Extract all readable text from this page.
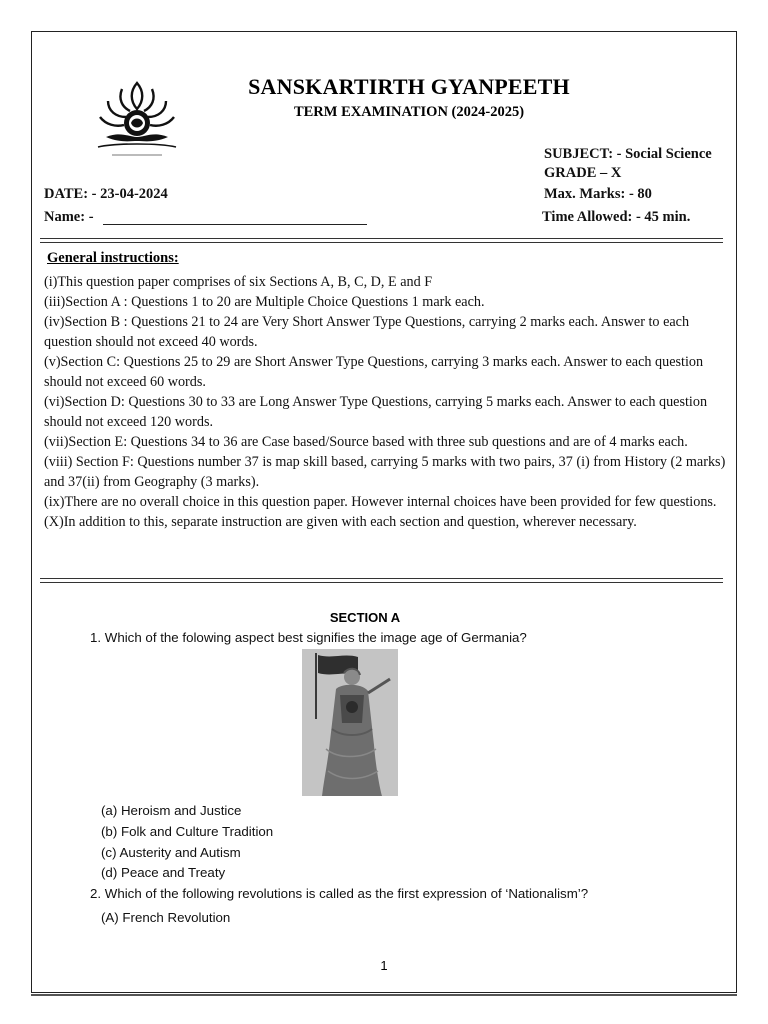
SANSKARTIRTH GYANPEETH
TERM EXAMINATION (2024-2025)
SUBJECT: - Social Science
GRADE – X
DATE: - 23-04-2024	Max. Marks: - 80
Name: -	Time Allowed: - 45 min.
General instructions:

(i)This question paper comprises of six Sections A, B, C, D, E and F

(iii)Section A : Questions 1 to 20 are Multiple Choice Questions 1 mark each.

(iv)Section B : Questions 21 to 24 are Very Short Answer Type Questions, carrying 2 marks each. Answer to each question should not exceed 40 words.

(v)Section C: Questions 25 to 29 are Short Answer Type Questions, carrying 3 marks each. Answer to each question should not exceed 60 words.

(vi)Section D: Questions 30 to 33 are Long Answer Type Questions, carrying 5 marks each. Answer to each question should not exceed 120 words.

(vii)Section E: Questions 34 to 36 are Case based/Source based with three sub questions and are of 4 marks each.

(viii) Section F: Questions number 37 is map skill based, carrying 5 marks with two pairs, 37 (i) from History (2 marks) and 37(ii) from Geography (3 marks).

(ix)There are no overall choice in this question paper. However internal choices have been provided for few questions.

(X)In addition to this, separate instruction are given with each section and question, wherever necessary.

SECTION A
1. Which of the folowing aspect best signifies the image age of Germania?
(a) Heroism and Justice
(b) Folk and Culture Tradition
(c) Austerity and Autism
(d) Peace and Treaty
2. Which of the following revolutions is called as the first expression of ‘Nationalism’?
(A) French Revolution
1
